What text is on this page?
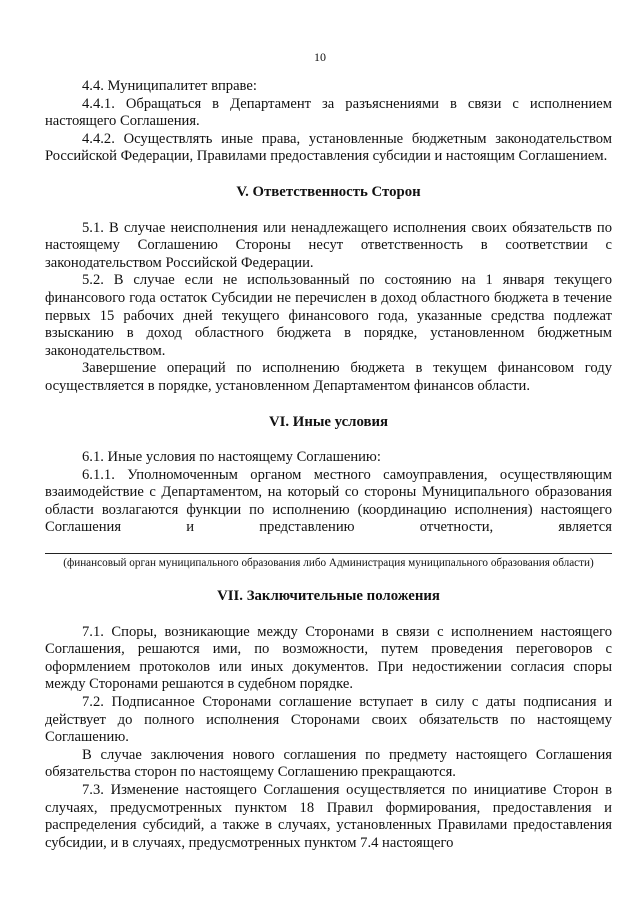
10

4.4. Муниципалитет вправе:

4.4.1. Обращаться в Департамент за разъяснениями в связи с исполнением настоящего Соглашения.

4.4.2. Осуществлять иные права, установленные бюджетным законодательством Российской Федерации, Правилами предоставления субсидии и настоящим Соглашением.

V. Ответственность Сторон

5.1. В случае неисполнения или ненадлежащего исполнения своих обязательств по настоящему Соглашению Стороны несут ответственность в соответствии с законодательством Российской Федерации.

5.2. В случае если не использованный по состоянию на 1 января текущего финансового года остаток Субсидии не перечислен в доход областного бюджета в течение первых 15 рабочих дней текущего финансового года, указанные средства подлежат взысканию в доход областного бюджета в порядке, установленном бюджетным законодательством.

Завершение операций по исполнению бюджета в текущем финансовом году осуществляется в порядке, установленном Департаментом финансов области.

VI. Иные условия

6.1. Иные условия по настоящему Соглашению:

6.1.1. Уполномоченным органом местного самоуправления, осуществляющим взаимодействие с Департаментом, на который со стороны Муниципального образования области возлагаются функции по исполнению (координацию исполнения) настоящего Соглашения и представлению отчетности, является

(финансовый орган муниципального образования либо Администрация муниципального образования области)
VII. Заключительные положения

7.1. Споры, возникающие между Сторонами в связи с исполнением настоящего Соглашения, решаются ими, по возможности, путем проведения переговоров с оформлением протоколов или иных документов. При недостижении согласия споры между Сторонами решаются в судебном порядке.

7.2. Подписанное Сторонами соглашение вступает в силу с даты подписания и действует до полного исполнения Сторонами своих обязательств по настоящему Соглашению.

В случае заключения нового соглашения по предмету настоящего Соглашения обязательства сторон по настоящему Соглашению прекращаются.

7.3. Изменение настоящего Соглашения осуществляется по инициативе Сторон в случаях, предусмотренных пунктом 18 Правил формирования, предоставления и распределения субсидий, а также в случаях, установленных Правилами предоставления субсидии, и в случаях, предусмотренных пунктом 7.4 настоящего
